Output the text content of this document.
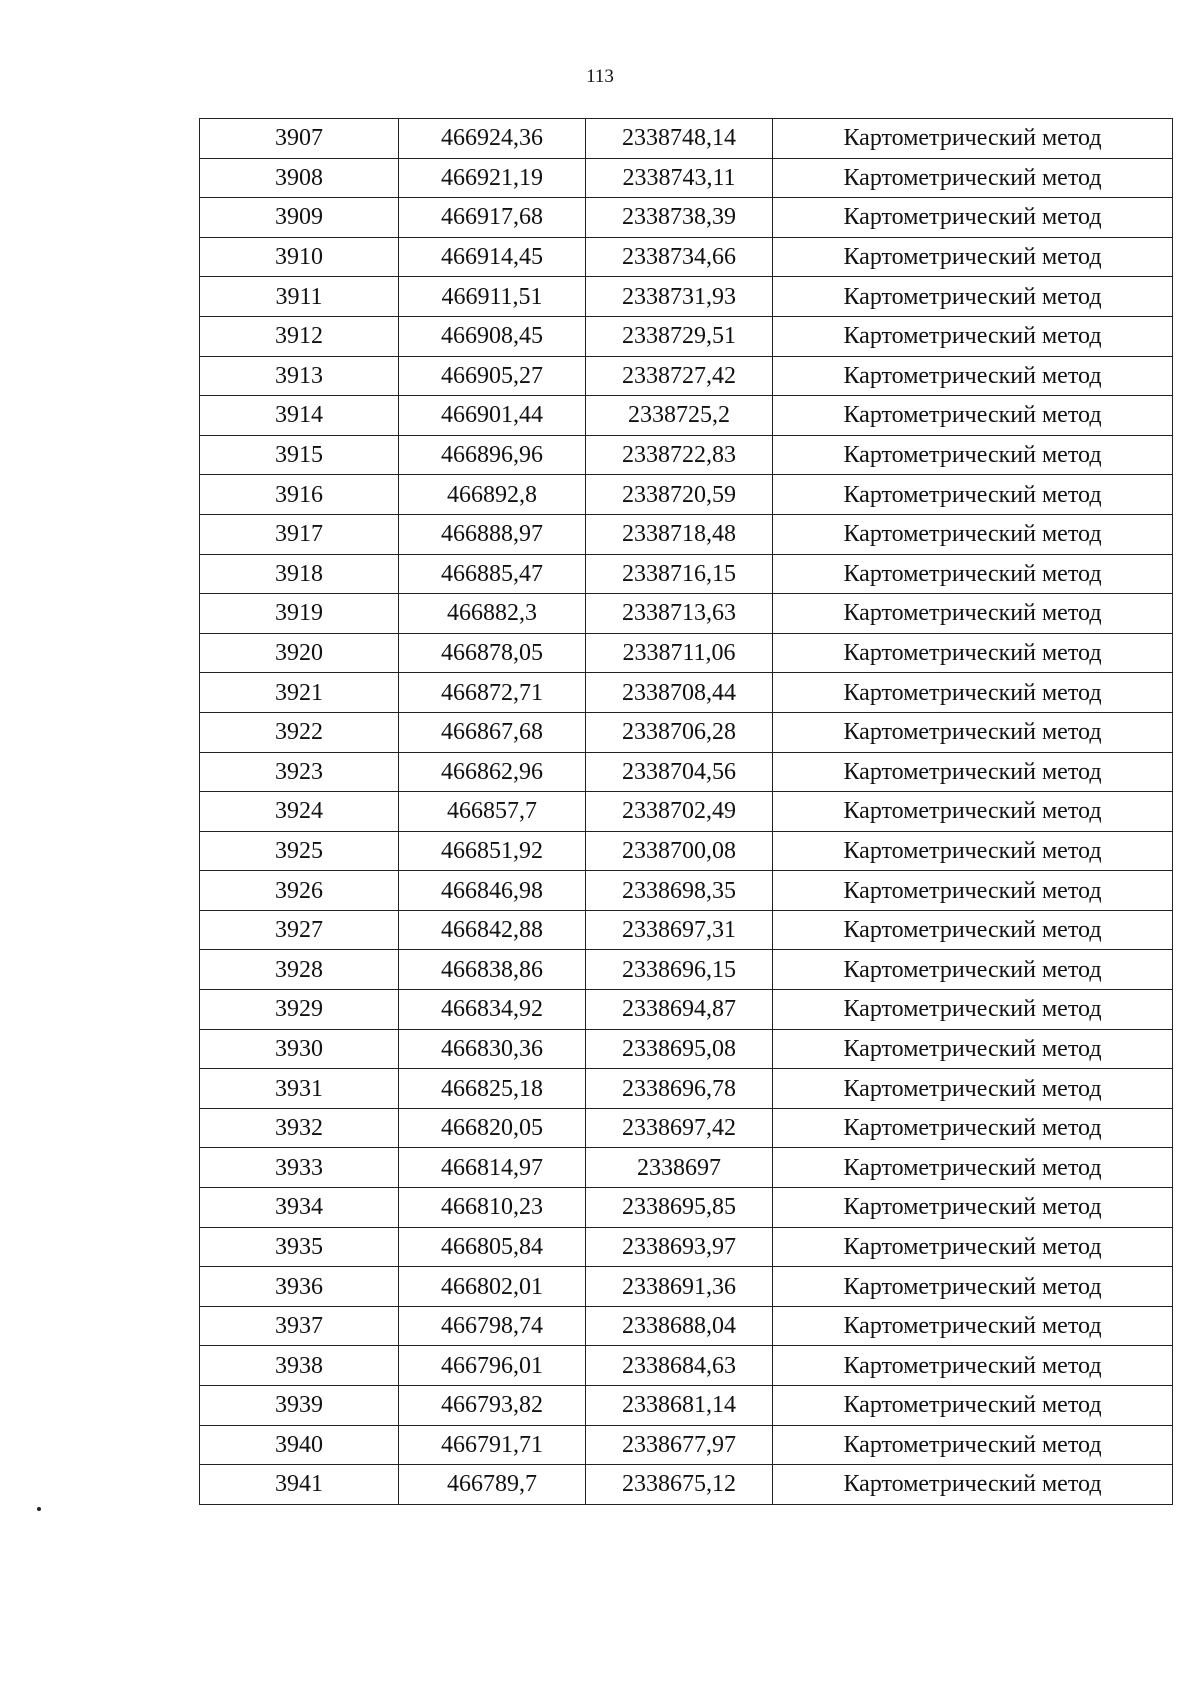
113
3907	466924,36	2338748,14	Картометрический метод
3908	466921,19	2338743,11	Картометрический метод
3909	466917,68	2338738,39	Картометрический метод
3910	466914,45	2338734,66	Картометрический метод
3911	466911,51	2338731,93	Картометрический метод
3912	466908,45	2338729,51	Картометрический метод
3913	466905,27	2338727,42	Картометрический метод
3914	466901,44	2338725,2	Картометрический метод
3915	466896,96	2338722,83	Картометрический метод
3916	466892,8	2338720,59	Картометрический метод
3917	466888,97	2338718,48	Картометрический метод
3918	466885,47	2338716,15	Картометрический метод
3919	466882,3	2338713,63	Картометрический метод
3920	466878,05	2338711,06	Картометрический метод
3921	466872,71	2338708,44	Картометрический метод
3922	466867,68	2338706,28	Картометрический метод
3923	466862,96	2338704,56	Картометрический метод
3924	466857,7	2338702,49	Картометрический метод
3925	466851,92	2338700,08	Картометрический метод
3926	466846,98	2338698,35	Картометрический метод
3927	466842,88	2338697,31	Картометрический метод
3928	466838,86	2338696,15	Картометрический метод
3929	466834,92	2338694,87	Картометрический метод
3930	466830,36	2338695,08	Картометрический метод
3931	466825,18	2338696,78	Картометрический метод
3932	466820,05	2338697,42	Картометрический метод
3933	466814,97	2338697	Картометрический метод
3934	466810,23	2338695,85	Картометрический метод
3935	466805,84	2338693,97	Картометрический метод
3936	466802,01	2338691,36	Картометрический метод
3937	466798,74	2338688,04	Картометрический метод
3938	466796,01	2338684,63	Картометрический метод
3939	466793,82	2338681,14	Картометрический метод
3940	466791,71	2338677,97	Картометрический метод
3941	466789,7	2338675,12	Картометрический метод
